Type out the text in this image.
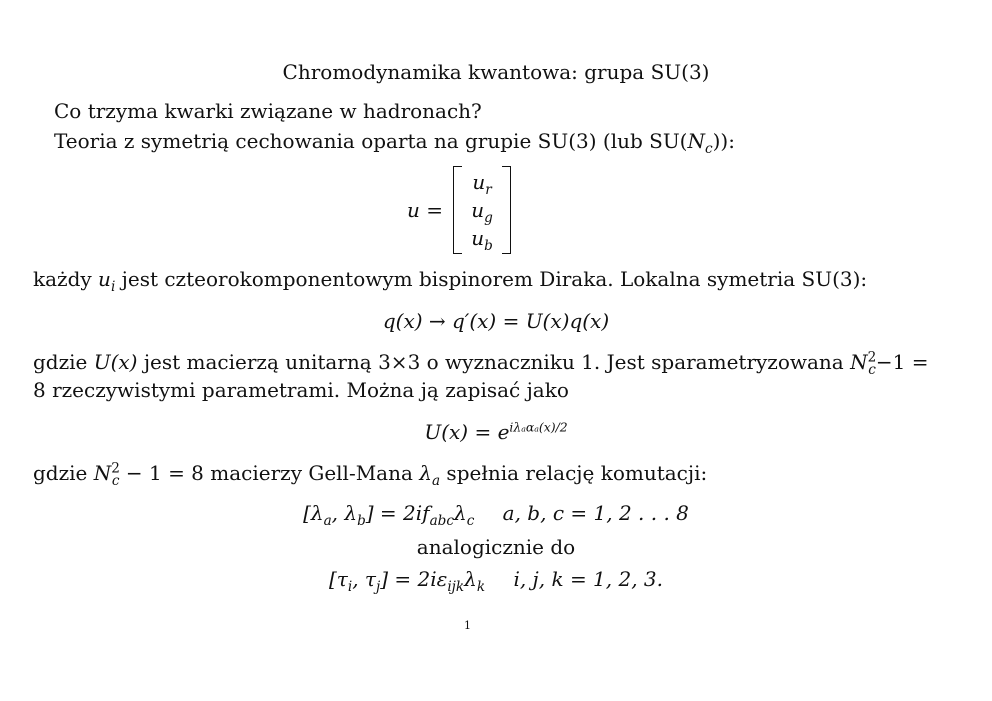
Chromodynamika kwantowa: grupa SU(3)
Co trzyma kwarki związane w hadronach?
Teoria z symetrią cechowania oparta na grupie SU(3) (lub $SU(N_c)$):
u =
$u_r$
$u_g$
$u_b$
każdy $u_i$ jest czteorokomponentowym bispinorem Diraka. Lokalna symetria SU(3):
q(x) → q′(x) = U(x)q(x)
gdzie U(x) jest macierzą unitarną 3×3 o wyznaczniku 1. Jest sparametryzowana $N^2_c-1$ =
8 rzeczywistymi parametrami. Można ją zapisać jako
$U(x) = e^{i\lambda_a\alpha_a(x)/2}$
gdzie $N^2_c - 1 = 8$ macierzy Gell-Mana $\lambda_a$ spełnia relację komutacji:
[$\lambda_a$, $\lambda_b] = 2if_{abc}\lambda_c$ a, b, c = 1, 2 . . . 8
analogicznie do
[$\tau_i$, $\tau_j] = 2i\varepsilon_{ijk}\lambda_k$ i, j, k = 1, 2, 3.
1
